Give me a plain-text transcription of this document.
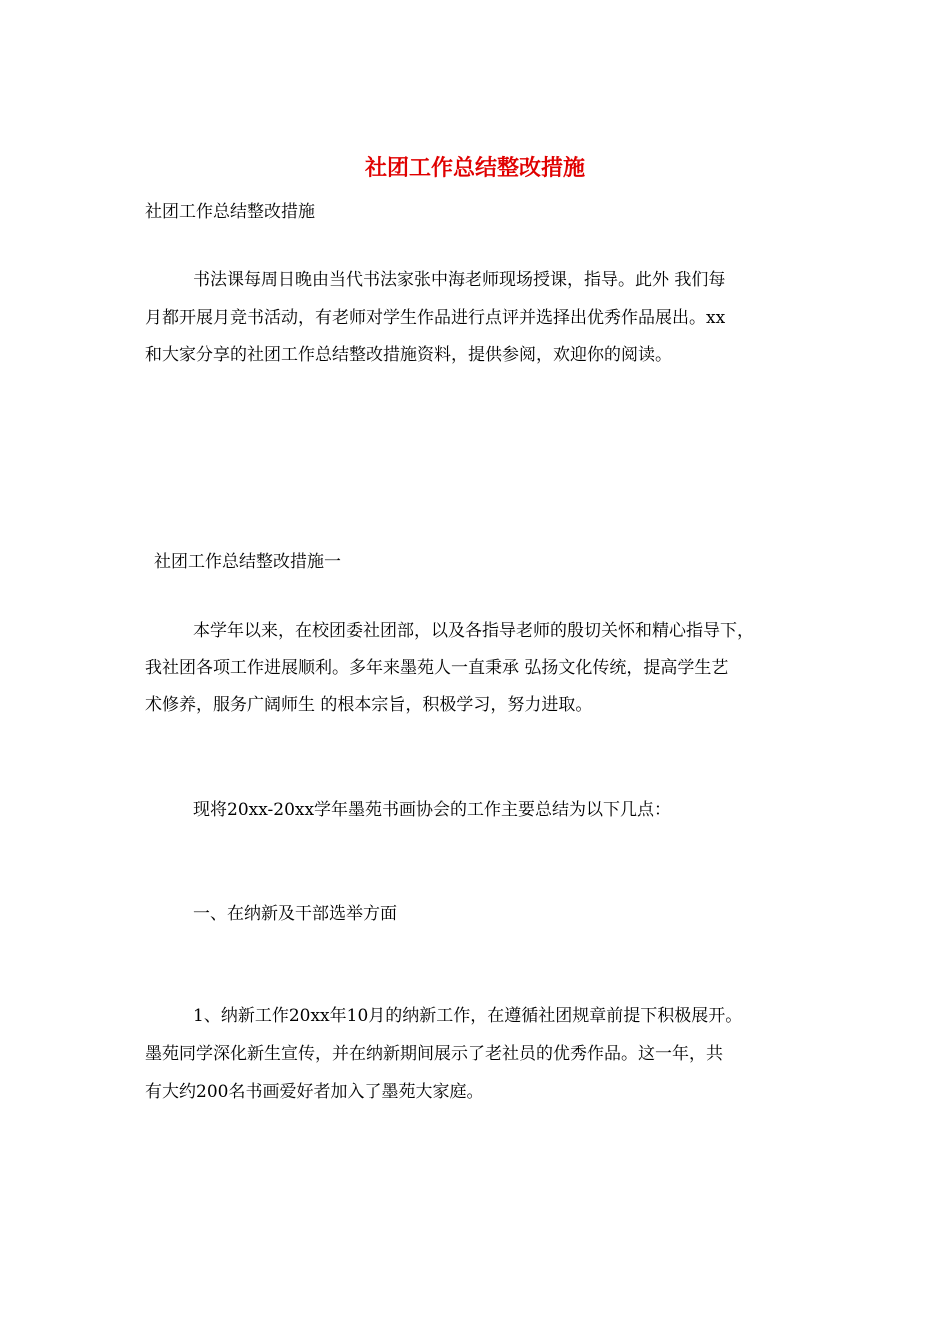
社团工作总结整改措施

社团工作总结整改措施

书法课每周日晚由当代书法家张中海老师现场授课，指导。此外 我们每

月都开展月竞书活动，有老师对学生作品进行点评并选择出优秀作品展出。xx

和大家分享的社团工作总结整改措施资料，提供参阅，欢迎你的阅读。

社团工作总结整改措施一

本学年以来，在校团委社团部，以及各指导老师的殷切关怀和精心指导下，

我社团各项工作进展顺利。多年来墨苑人一直秉承 弘扬文化传统，提高学生艺

术修养，服务广阔师生 的根本宗旨，积极学习，努力进取。

现将20xx-20xx学年墨苑书画协会的工作主要总结为以下几点：

一、在纳新及干部选举方面

1、纳新工作20xx年10月的纳新工作，在遵循社团规章前提下积极展开。

墨苑同学深化新生宣传，并在纳新期间展示了老社员的优秀作品。这一年，共

有大约200名书画爱好者加入了墨苑大家庭。
